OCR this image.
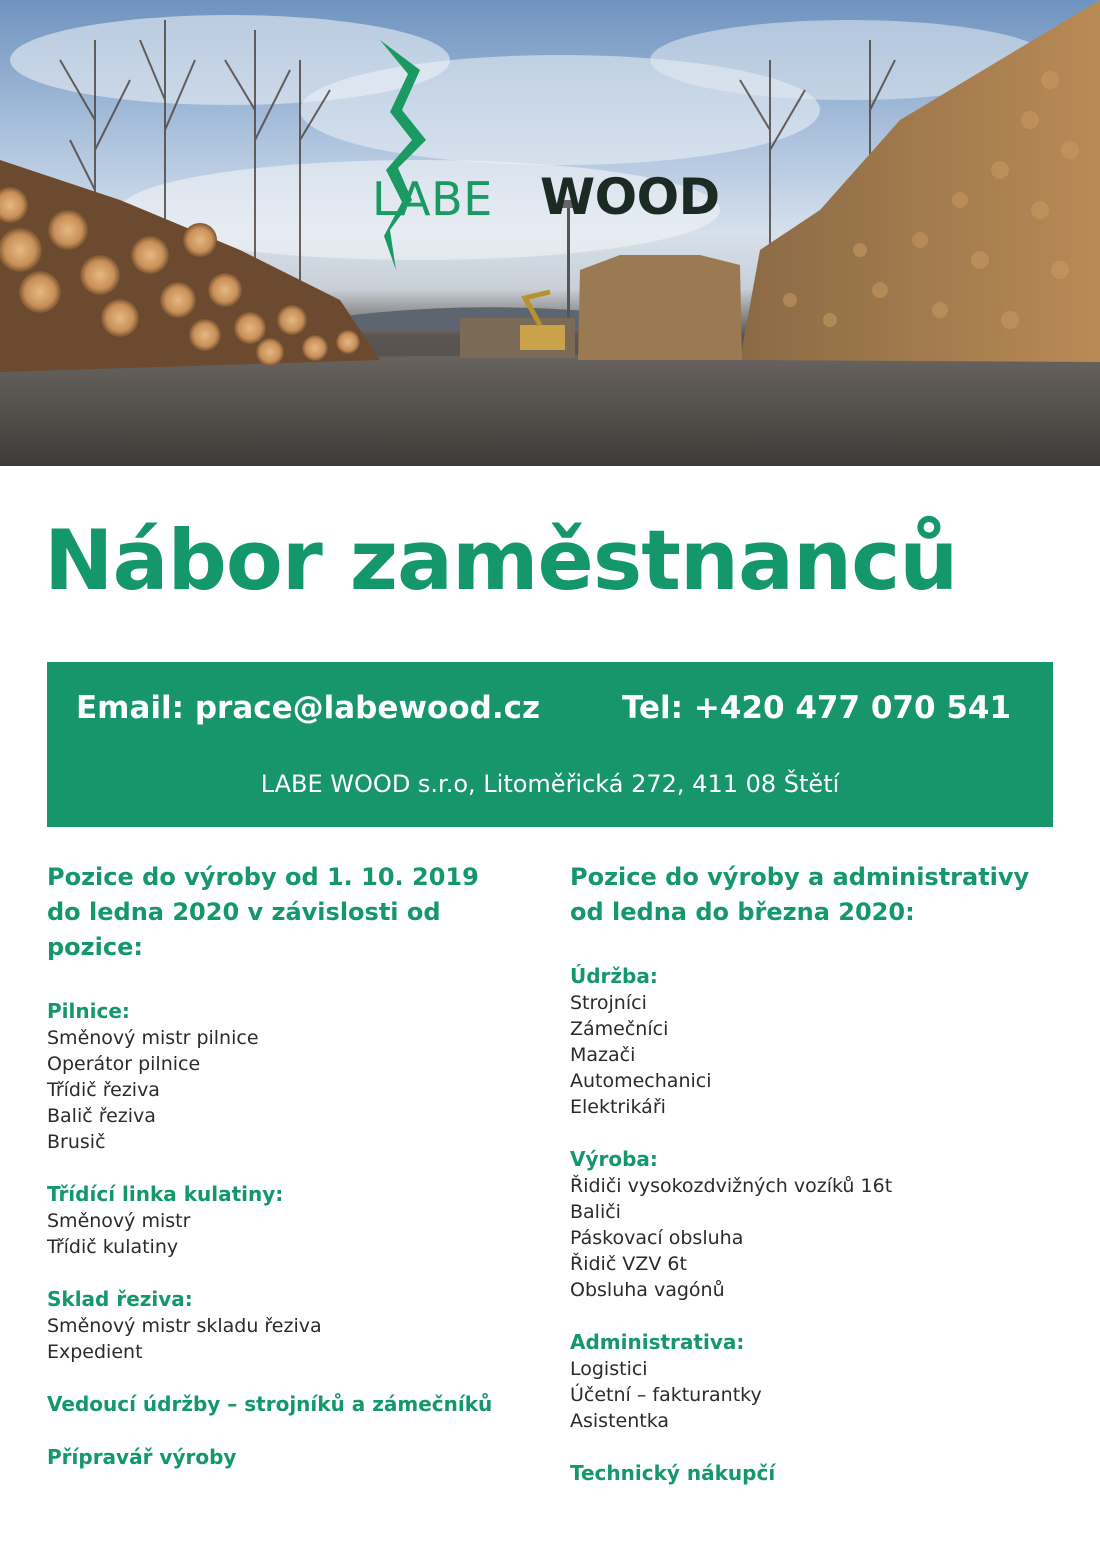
LABE WOOD
Nábor zaměstnanců
Email: prace@labewood.cz	Tel: +420 477 070 541
LABE WOOD s.r.o, Litoměřická 272, 411 08 Štětí
Pozice do výroby od 1. 10. 2019 do ledna 2020 v závislosti od pozice:
Pilnice:
Směnový mistr pilnice
Operátor pilnice
Třídič řeziva
Balič řeziva
Brusič
Třídící linka kulatiny:
Směnový mistr
Třídič kulatiny
Sklad řeziva:
Směnový mistr skladu řeziva
Expedient
Vedoucí údržby – strojníků a zámečníků
Přípravář výroby
Pozice do výroby a administrativy od ledna do března 2020:
Údržba:
Strojníci
Zámečníci
Mazači
Automechanici
Elektrikáři
Výroba:
Řidiči vysokozdvižných vozíků 16t
Baliči
Páskovací obsluha
Řidič VZV 6t
Obsluha vagónů
Administrativa:
Logistici
Účetní – fakturantky
Asistentka
Technický nákupčí
